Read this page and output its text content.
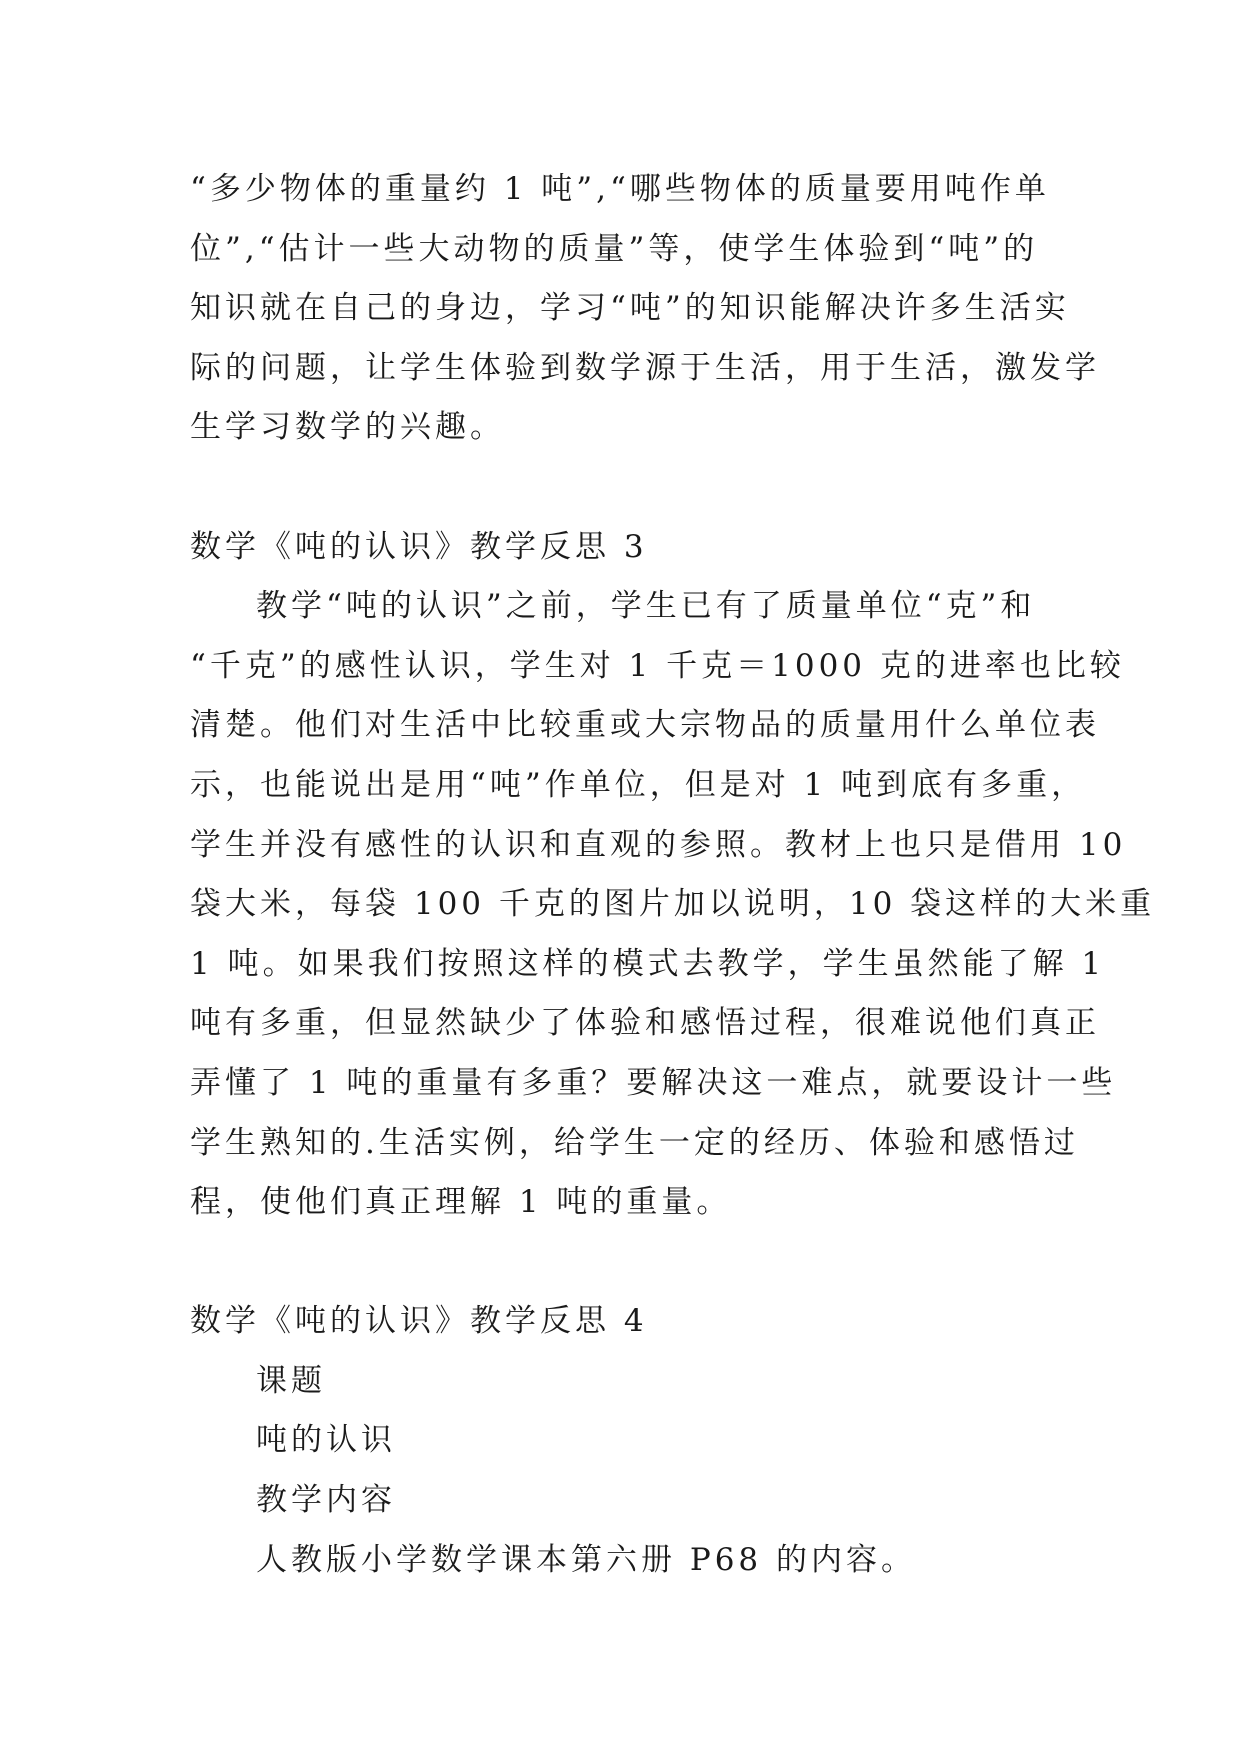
“多少物体的重量约 1 吨”,“哪些物体的质量要用吨作单
位”,“估计一些大动物的质量”等，使学生体验到“吨”的
知识就在自己的身边，学习“吨”的知识能解决许多生活实
际的问题，让学生体验到数学源于生活，用于生活，激发学
生学习数学的兴趣。
数学《吨的认识》教学反思 3
教学“吨的认识”之前，学生已有了质量单位“克”和
“千克”的感性认识，学生对 1 千克＝1000 克的进率也比较
清楚。他们对生活中比较重或大宗物品的质量用什么单位表
示，也能说出是用“吨”作单位，但是对 1 吨到底有多重，
学生并没有感性的认识和直观的参照。教材上也只是借用 10
袋大米，每袋 100 千克的图片加以说明，10 袋这样的大米重
1 吨。如果我们按照这样的模式去教学，学生虽然能了解 1
吨有多重，但显然缺少了体验和感悟过程，很难说他们真正
弄懂了 1 吨的重量有多重？要解决这一难点，就要设计一些
学生熟知的.生活实例，给学生一定的经历、体验和感悟过
程，使他们真正理解 1 吨的重量。
数学《吨的认识》教学反思 4
课题
吨的认识
教学内容
人教版小学数学课本第六册 P68 的内容。
